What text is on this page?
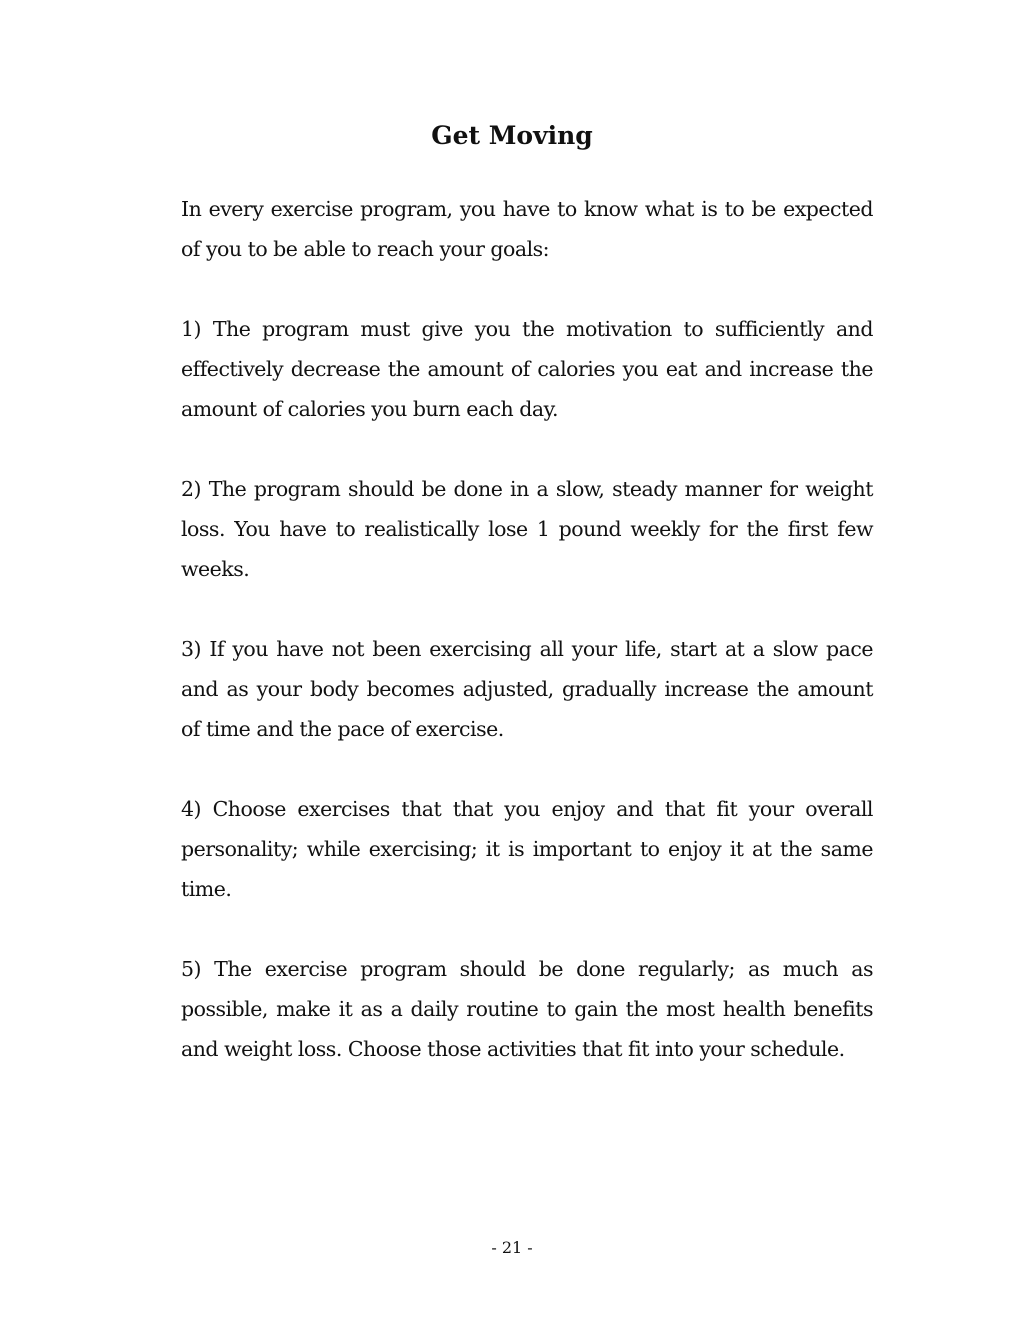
Get Moving

In every exercise program, you have to know what is to be expected of you to be able to reach your goals:

1) The program must give you the motivation to sufficiently and effectively decrease the amount of calories you eat and increase the amount of calories you burn each day.

2) The program should be done in a slow, steady manner for weight loss. You have to realistically lose 1 pound weekly for the first few weeks.

3) If you have not been exercising all your life, start at a slow pace and as your body becomes adjusted, gradually increase the amount of time and the pace of exercise.

4) Choose exercises that that you enjoy and that fit your overall personality; while exercising; it is important to enjoy it at the same time.

5) The exercise program should be done regularly; as much as possible, make it as a daily routine to gain the most health benefits and weight loss. Choose those activities that fit into your schedule.

- 21 -
